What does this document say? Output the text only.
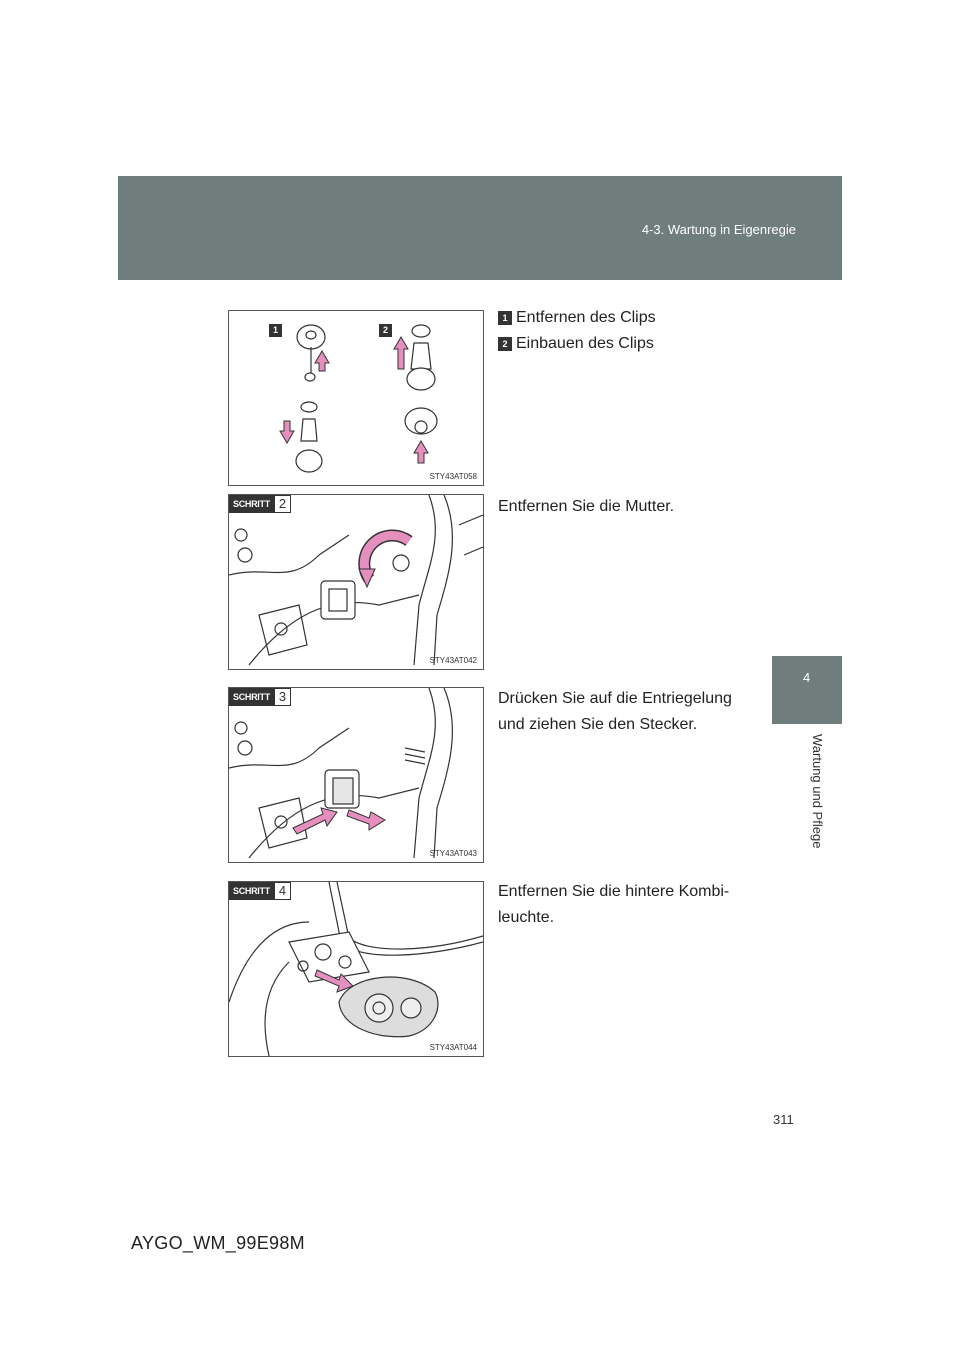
4-3. Wartung in Eigenregie
4
Wartung und Pflege
1	2
STY43AT058
1 Entfernen des Clips
2 Einbauen des Clips
SCHRITT 2
STY43AT042
Entfernen Sie die Mutter.
SCHRITT 3
STY43AT043
Drücken Sie auf die Entriegelung
und ziehen Sie den Stecker.
SCHRITT 4
STY43AT044
Entfernen Sie die hintere Kombi-
leuchte.
311
AYGO_WM_99E98M
